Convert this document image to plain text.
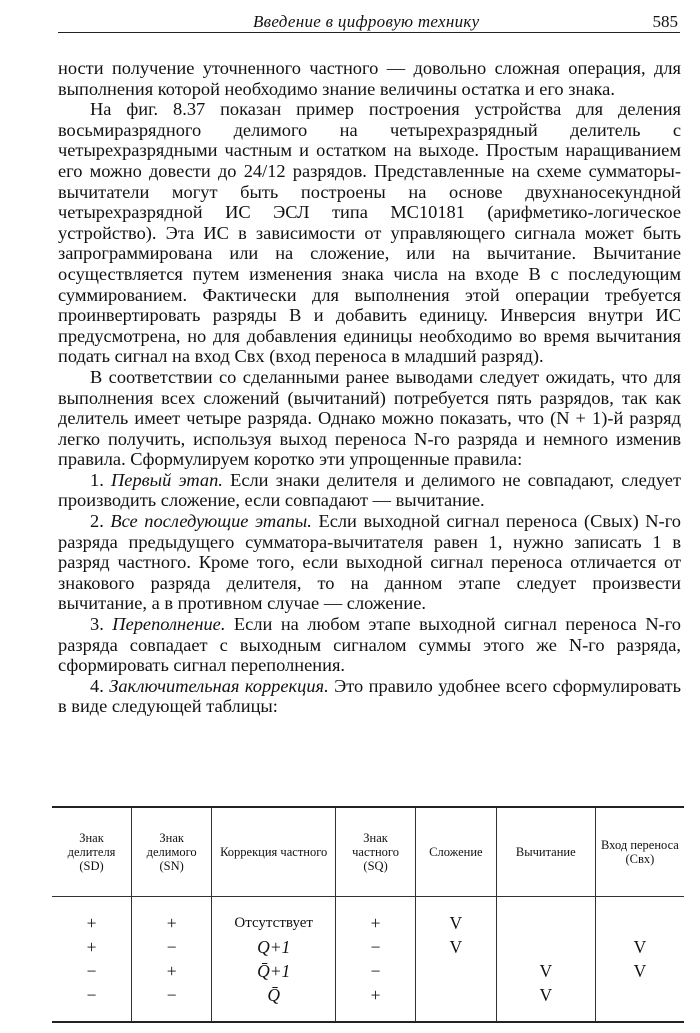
Введение в цифровую технику	585

ности получение уточненного частного — довольно сложная операция, для выполнения которой необходимо знание величины остатка и его знака.

На фиг. 8.37 показан пример построения устройства для деления восьмиразрядного делимого на четырехразрядный делитель с четырехразрядными частным и остатком на выходе. Простым наращиванием его можно довести до 24/12 разрядов. Представленные на схеме сумматоры-вычитатели могут быть построены на основе двухнаносекундной четырехразрядной ИС ЭСЛ типа МС10181 (арифметико-логическое устройство). Эта ИС в зависимости от управляющего сигнала может быть запрограммирована или на сложение, или на вычитание. Вычитание осуществляется путем изменения знака числа на входе B с последующим суммированием. Фактически для выполнения этой операции требуется проинвертировать разряды B и добавить единицу. Инверсия внутри ИС предусмотрена, но для добавления единицы необходимо во время вычитания подать сигнал на вход Cвх (вход переноса в младший разряд).

В соответствии со сделанными ранее выводами следует ожидать, что для выполнения всех сложений (вычитаний) потребуется пять разрядов, так как делитель имеет четыре разряда. Однако можно показать, что (N + 1)-й разряд легко получить, используя выход переноса N-го разряда и немного изменив правила. Сформулируем коротко эти упрощенные правила:

1. Первый этап. Если знаки делителя и делимого не совпадают, следует производить сложение, если совпадают — вычитание.

2. Все последующие этапы. Если выходной сигнал переноса (Cвых) N-го разряда предыдущего сумматора-вычитателя равен 1, нужно записать 1 в разряд частного. Кроме того, если выходной сигнал переноса отличается от знакового разряда делителя, то на данном этапе следует произвести вычитание, а в противном случае — сложение.

3. Переполнение. Если на любом этапе выходной сигнал переноса N-го разряда совпадает с выходным сигналом суммы этого же N-го разряда, сформировать сигнал переполнения.

4. Заключительная коррекция. Это правило удобнее всего сформулировать в виде следующей таблицы:

Знак делителя (SD)	Знак делимого (SN)	Коррекция частного	Знак частного (SQ)	Сложение	Вычитание	Вход переноса (Cвх)
+	+	Отсутствует	+	V		
+	−	Q+1	−	V		V
−	+	Q̄+1	−		V	V
−	−	Q̄	+		V	
